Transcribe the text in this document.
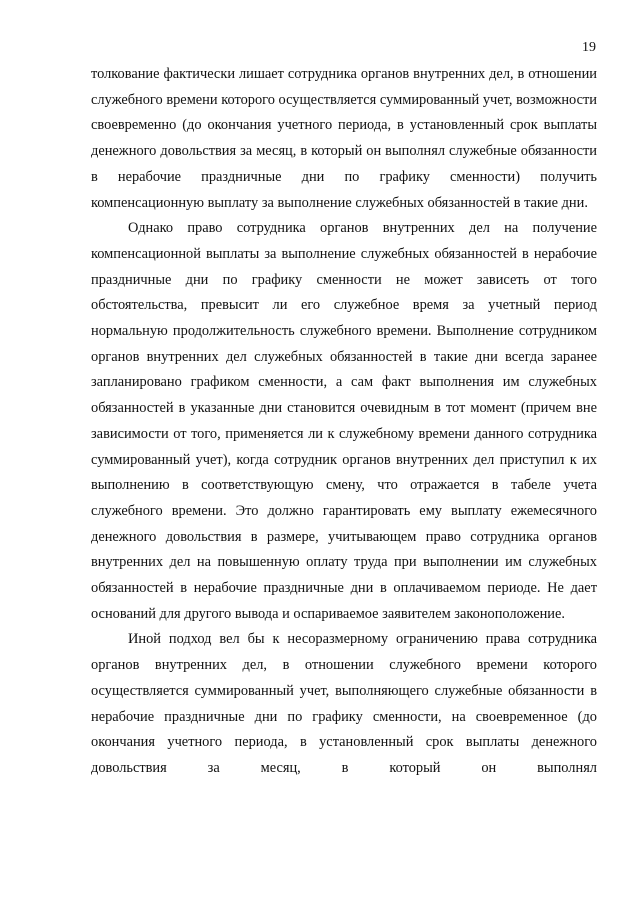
19

толкование фактически лишает сотрудника органов внутренних дел, в отношении служебного времени которого осуществляется суммированный учет, возможности своевременно (до окончания учетного периода, в установленный срок выплаты денежного довольствия за месяц, в который он выполнял служебные обязанности в нерабочие праздничные дни по графику сменности) получить компенсационную выплату за выполнение служебных обязанностей в такие дни.

Однако право сотрудника органов внутренних дел на получение компенсационной выплаты за выполнение служебных обязанностей в нерабочие праздничные дни по графику сменности не может зависеть от того обстоятельства, превысит ли его служебное время за учетный период нормальную продолжительность служебного времени. Выполнение сотрудником органов внутренних дел служебных обязанностей в такие дни всегда заранее запланировано графиком сменности, а сам факт выполнения им служебных обязанностей в указанные дни становится очевидным в тот момент (причем вне зависимости от того, применяется ли к служебному времени данного сотрудника суммированный учет), когда сотрудник органов внутренних дел приступил к их выполнению в соответствующую смену, что отражается в табеле учета служебного времени. Это должно гарантировать ему выплату ежемесячного денежного довольствия в размере, учитывающем право сотрудника органов внутренних дел на повышенную оплату труда при выполнении им служебных обязанностей в нерабочие праздничные дни в оплачиваемом периоде. Не дает оснований для другого вывода и оспариваемое заявителем законоположение.

Иной подход вел бы к несоразмерному ограничению права сотрудника органов внутренних дел, в отношении служебного времени которого осуществляется суммированный учет, выполняющего служебные обязанности в нерабочие праздничные дни по графику сменности, на своевременное (до окончания учетного периода, в установленный срок выплаты денежного довольствия за месяц, в который он выполнял
